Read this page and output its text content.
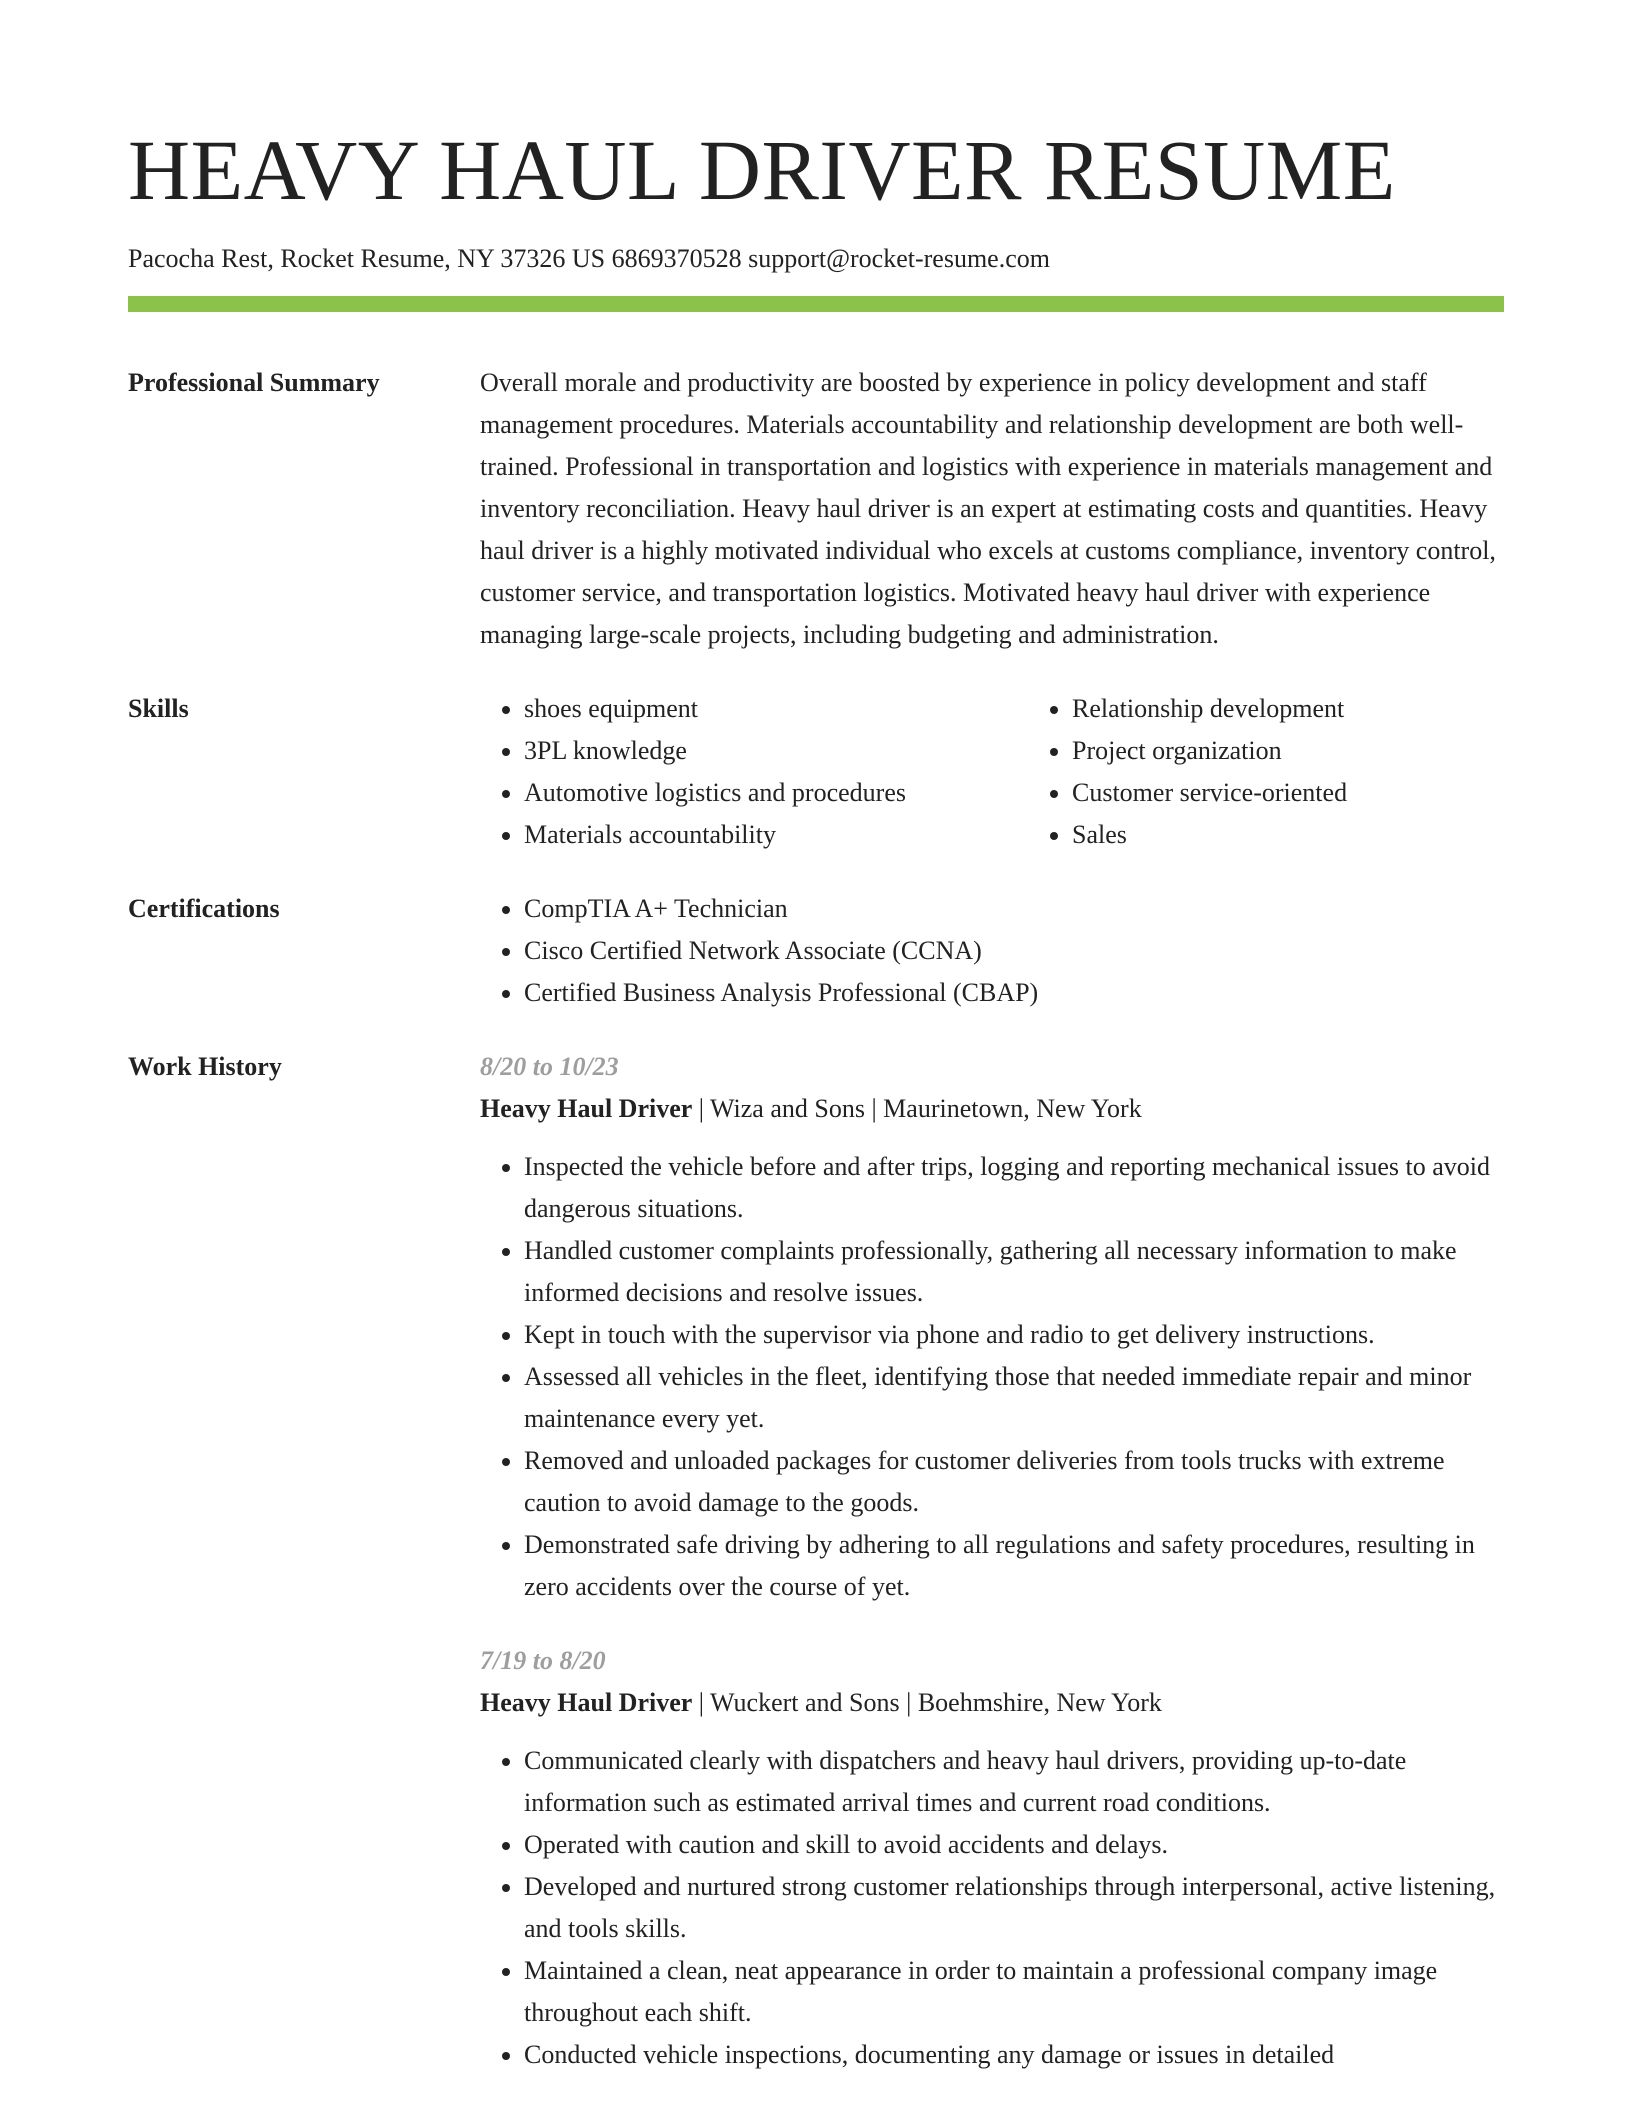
HEAVY HAUL DRIVER RESUME
Pacocha Rest, Rocket Resume, NY 37326 US 6869370528 support@rocket-resume.com
Professional Summary	Overall morale and productivity are boosted by experience in policy development and staff management procedures. Materials accountability and relationship development are both well-trained. Professional in transportation and logistics with experience in materials management and inventory reconciliation. Heavy haul driver is an expert at estimating costs and quantities. Heavy haul driver is a highly motivated individual who excels at customs compliance, inventory control, customer service, and transportation logistics. Motivated heavy haul driver with experience managing large-scale projects, including budgeting and administration.

Skills	• shoes equipment
• 3PL knowledge
• Automotive logistics and procedures
• Materials accountability
• Relationship development
• Project organization
• Customer service-oriented
• Sales
Certifications	• CompTIA A+ Technician
• Cisco Certified Network Associate (CCNA)
• Certified Business Analysis Professional (CBAP)
Work History	8/20 to 10/23
Heavy Haul Driver | Wiza and Sons | Maurinetown, New York
• Inspected the vehicle before and after trips, logging and reporting mechanical issues to avoid dangerous situations.
• Handled customer complaints professionally, gathering all necessary information to make informed decisions and resolve issues.
• Kept in touch with the supervisor via phone and radio to get delivery instructions.
• Assessed all vehicles in the fleet, identifying those that needed immediate repair and minor maintenance every yet.
• Removed and unloaded packages for customer deliveries from tools trucks with extreme caution to avoid damage to the goods.
• Demonstrated safe driving by adhering to all regulations and safety procedures, resulting in zero accidents over the course of yet.
7/19 to 8/20
Heavy Haul Driver | Wuckert and Sons | Boehmshire, New York
• Communicated clearly with dispatchers and heavy haul drivers, providing up-to-date information such as estimated arrival times and current road conditions.
• Operated with caution and skill to avoid accidents and delays.
• Developed and nurtured strong customer relationships through interpersonal, active listening, and tools skills.
• Maintained a clean, neat appearance in order to maintain a professional company image throughout each shift.
• Conducted vehicle inspections, documenting any damage or issues in detailed
